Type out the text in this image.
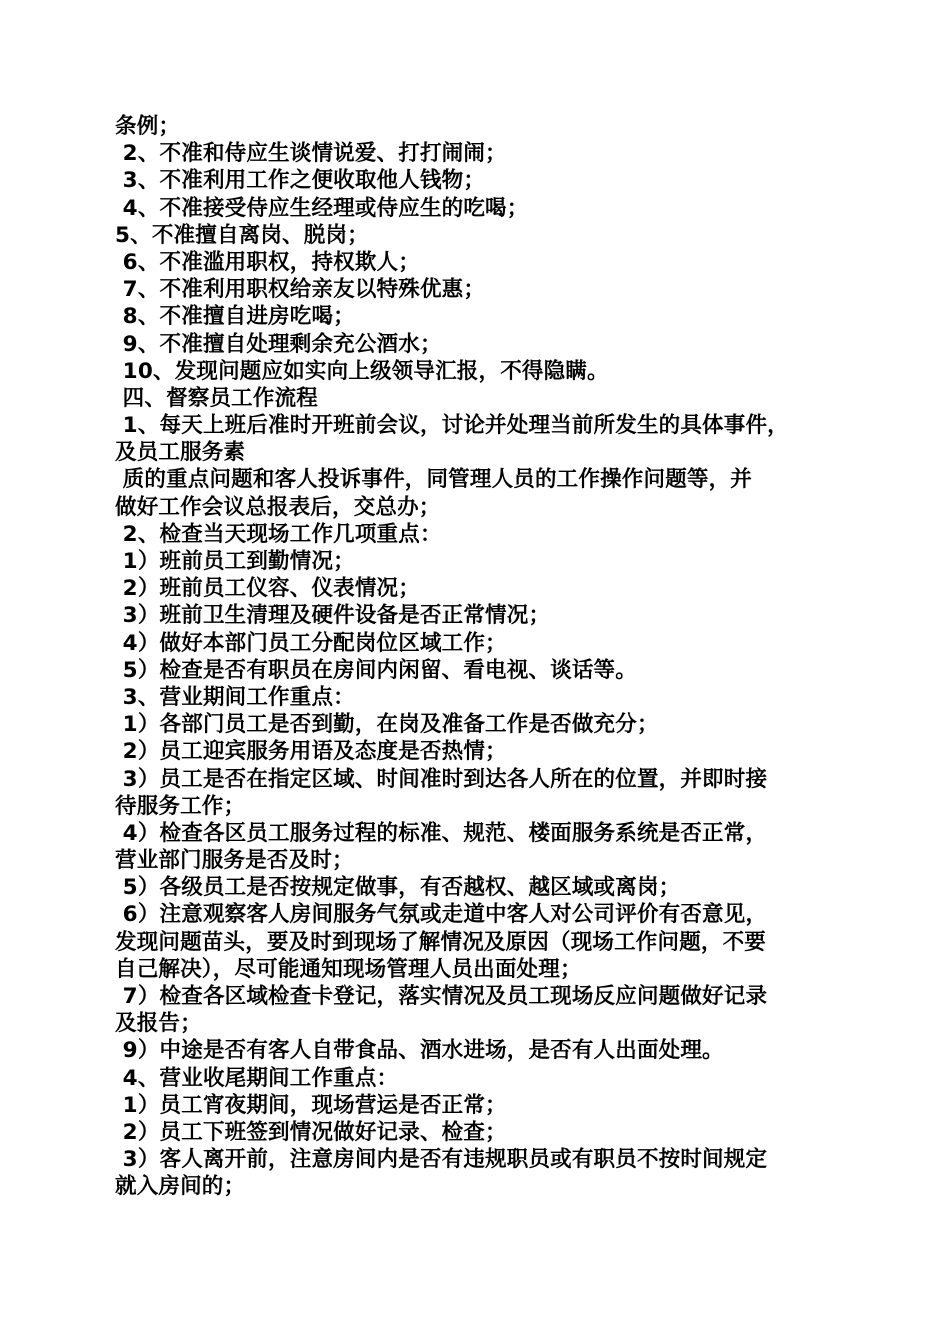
条例；
2、不准和侍应生谈情说爱、打打闹闹；
3、不准利用工作之便收取他人钱物；
4、不准接受侍应生经理或侍应生的吃喝；
5、不准擅自离岗、脱岗；
6、不准滥用职权，持权欺人；
7、不准利用职权给亲友以特殊优惠；
8、不准擅自进房吃喝；
9、不准擅自处理剩余充公酒水；
10、发现问题应如实向上级领导汇报，不得隐瞒。
四、督察员工作流程
1、每天上班后准时开班前会议，讨论并处理当前所发生的具体事件，
及员工服务素
质的重点问题和客人投诉事件，同管理人员的工作操作问题等，并
做好工作会议总报表后，交总办；
2、检查当天现场工作几项重点：
1）班前员工到勤情况；
2）班前员工仪容、仪表情况；
3）班前卫生清理及硬件设备是否正常情况；
4）做好本部门员工分配岗位区域工作；
5）检查是否有职员在房间内闲留、看电视、谈话等。
3、营业期间工作重点：
1）各部门员工是否到勤，在岗及准备工作是否做充分；
2）员工迎宾服务用语及态度是否热情；
3）员工是否在指定区域、时间准时到达各人所在的位置，并即时接
待服务工作；
4）检查各区员工服务过程的标准、规范、楼面服务系统是否正常，
营业部门服务是否及时；
5）各级员工是否按规定做事，有否越权、越区域或离岗；
6）注意观察客人房间服务气氛或走道中客人对公司评价有否意见，
发现问题苗头，要及时到现场了解情况及原因（现场工作问题，不要
自己解决），尽可能通知现场管理人员出面处理；
7）检查各区域检查卡登记，落实情况及员工现场反应问题做好记录
及报告；
9）中途是否有客人自带食品、酒水进场，是否有人出面处理。
4、营业收尾期间工作重点：
1）员工宵夜期间，现场营运是否正常；
2）员工下班签到情况做好记录、检查；
3）客人离开前，注意房间内是否有违规职员或有职员不按时间规定
就入房间的；
